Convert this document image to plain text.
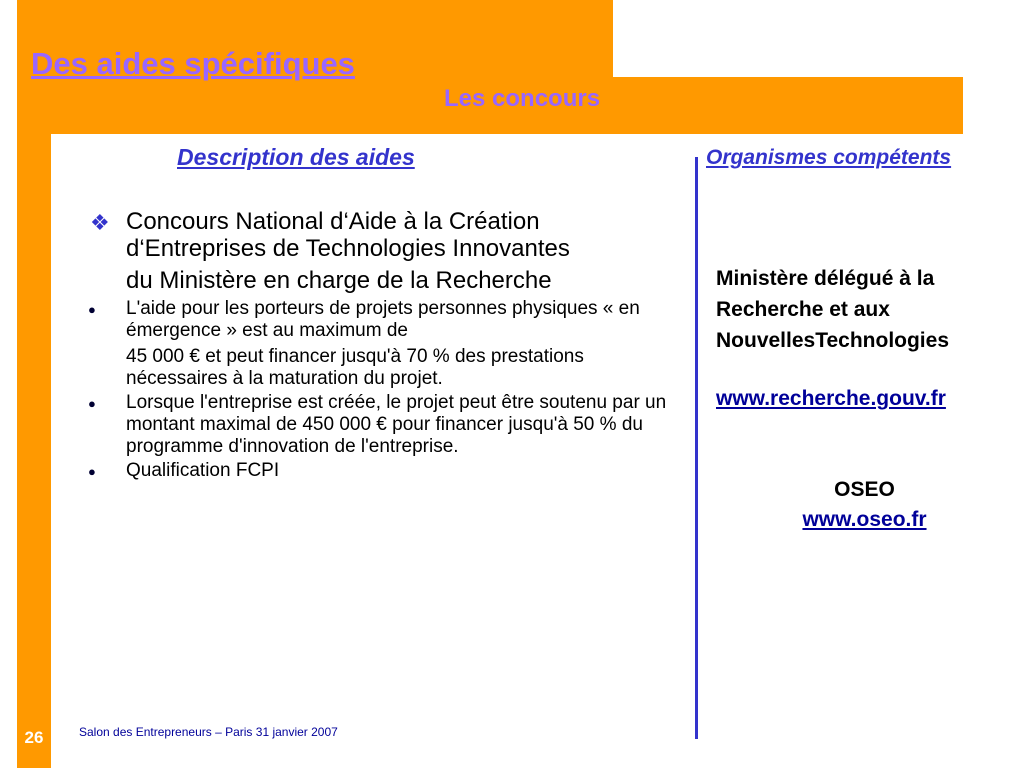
Des aides spécifiques
Les concours
Description des aides	Organismes compétents
❖ Concours National d‘Aide à la Création
d‘Entreprises de Technologies Innovantes
du Ministère en charge de la Recherche
● L'aide pour les porteurs de projets personnes physiques « en émergence » est au maximum de
45 000 € et peut financer jusqu'à 70 % des prestations nécessaires à la maturation du projet.
● Lorsque l'entreprise est créée, le projet peut être soutenu par un montant maximal de 450 000 € pour financer jusqu'à 50 % du programme d'innovation de l'entreprise.
● Qualification FCPI
Ministère délégué à la
Recherche et aux
NouvellesTechnologies
www.recherche.gouv.fr
OSEO
www.oseo.fr
26	Salon des Entrepreneurs – Paris 31 janvier 2007
